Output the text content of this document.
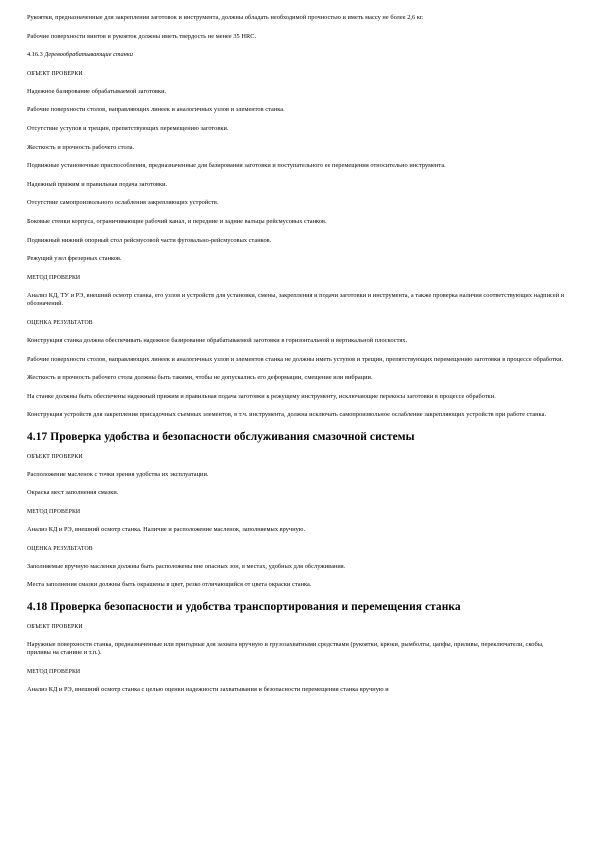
Рукоятки, предназначенные для закрепления заготовок и инструмента, должны обладать необходимой прочностью и иметь массу не более 2,6 кг.

Рабочие поверхности винтов и рукояток должны иметь твердость не менее 35 HRC.

4.16.3 Деревообрабатывающие станки
ОБЪЕКТ ПРОВЕРКИ

Надежное базирование обрабатываемой заготовки.

Рабочие поверхности столов, направляющих линеек и аналогичных узлов и элементов станка.

Отсутствие уступов и трещин, препятствующих перемещению заготовки.

Жесткость и прочность рабочего стола.

Подвижные установочные приспособления, предназначенные для базирования заготовки и поступательного ее перемещения относительно инструмента.

Надежный прижим и правильная подача заготовки.

Отсутствие самопроизвольного ослабления закрепляющих устройств.

Боковые стенки корпуса, ограничивающие рабочий канал, и передние и задние валъцы рейсмусовых станков.

Подвижный нижний опорный стол рейсмусовой части фуговально-рейсмусовых станков.

Режущий узел фрезерных станков.

МЕТОД ПРОВЕРКИ

Анализ КД, ТУ и РЭ, внешний осмотр станка, его узлов и устройств для установки, смены, закрепления и подачи заготовки и инструмента, а также проверка наличия соответствующих надписей и обозначений.

ОЦЕНКА РЕЗУЛЬТАТОВ

Конструкция станка должна обеспечивать надежное базирование обрабатываемой заготовки в горизонтальной и вертикальной плоскостях.

Рабочие поверхности столов, направляющих линеек и аналогичных узлов и элементов станка не должны иметь уступов и трещин, препятствующих перемещению заготовки в процессе обработки.

Жесткость и прочность рабочего стола должны быть такими, чтобы не допускались его деформации, смещение или вибрации.

На станке должны быть обеспечены надежный прижим и правильная подача заготовки к режущему инструменту, исключающие перекосы заготовки в процессе обработки.

Конструкция устройств для закрепления присадочных съемных элементов, в т.ч. инструмента, должна исключать самопроизвольное ослабление закрепляющих устройств при работе станка.

4.17 Проверка удобства и безопасности обслуживания смазочной системы
ОБЪЕКТ ПРОВЕРКИ

Расположение масленок с точки зрения удобства их эксплуатации.

Окраска мест заполнения смазки.

МЕТОД ПРОВЕРКИ

Анализ КД и РЭ, внешний осмотр станка. Наличие и расположение масленок, заполняемых вручную.

ОЦЕНКА РЕЗУЛЬТАТОВ

Заполняемые вручную масленки должны быть расположены вне опасных зон, в местах, удобных для обслуживания.

Места заполнения смазки должны быть окрашены в цвет, резко отличающийся от цвета окраски станка.

4.18 Проверка безопасности и удобства транспортирования и перемещения станка
ОБЪЕКТ ПРОВЕРКИ

Наружные поверхности станка, предназначенные или пригодные для захвата вручную и грузозахватными средствами (рукоятки, крюки, рымболты, цапфы, приливы, переключатели, скобы, приливы на станине и т.п.).

МЕТОД ПРОВЕРКИ

Анализ КД и РЭ, внешний осмотр станка с целью оценки надежности захватывания и безопасности перемещения станка вручную и
